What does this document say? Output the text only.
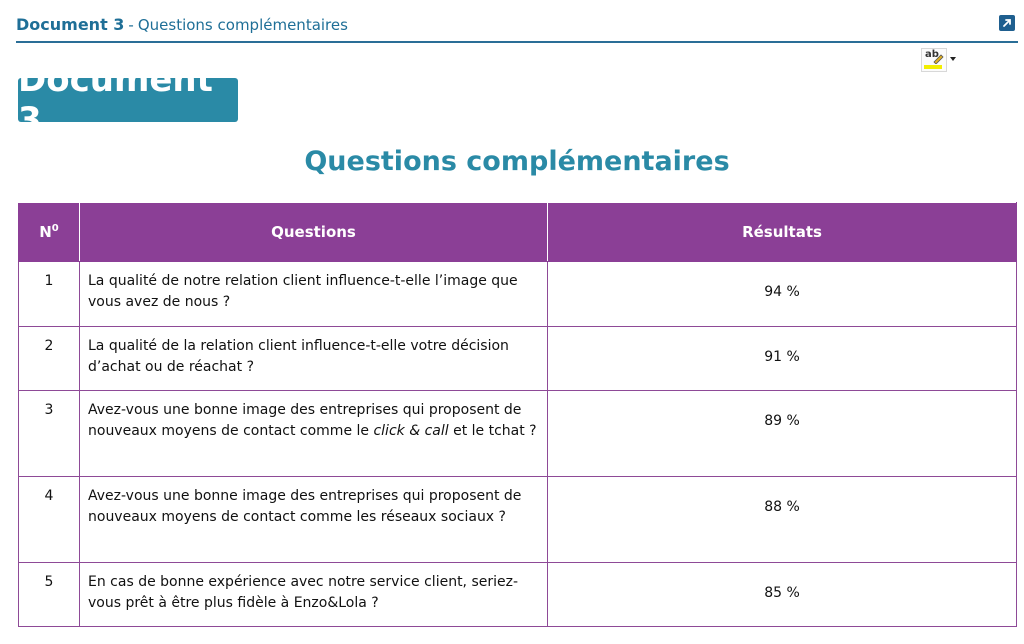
Document 3 - Questions complémentaires
ab
Document 3
Questions complémentaires
$N^0$	Questions	Résultats
1	La qualité de notre relation client influence-t-elle l’image que vous avez de nous ?	94 %
2	La qualité de la relation client influence-t-elle votre décision d’achat ou de réachat ?	91 %
3	Avez-vous une bonne image des entreprises qui proposent de nouveaux moyens de contact comme le click & call et le tchat ?	89 %
4	Avez-vous une bonne image des entreprises qui proposent de nouveaux moyens de contact comme les réseaux sociaux ?	88 %
5	En cas de bonne expérience avec notre service client, seriez-vous prêt à être plus fidèle à Enzo&Lola ?	85 %
